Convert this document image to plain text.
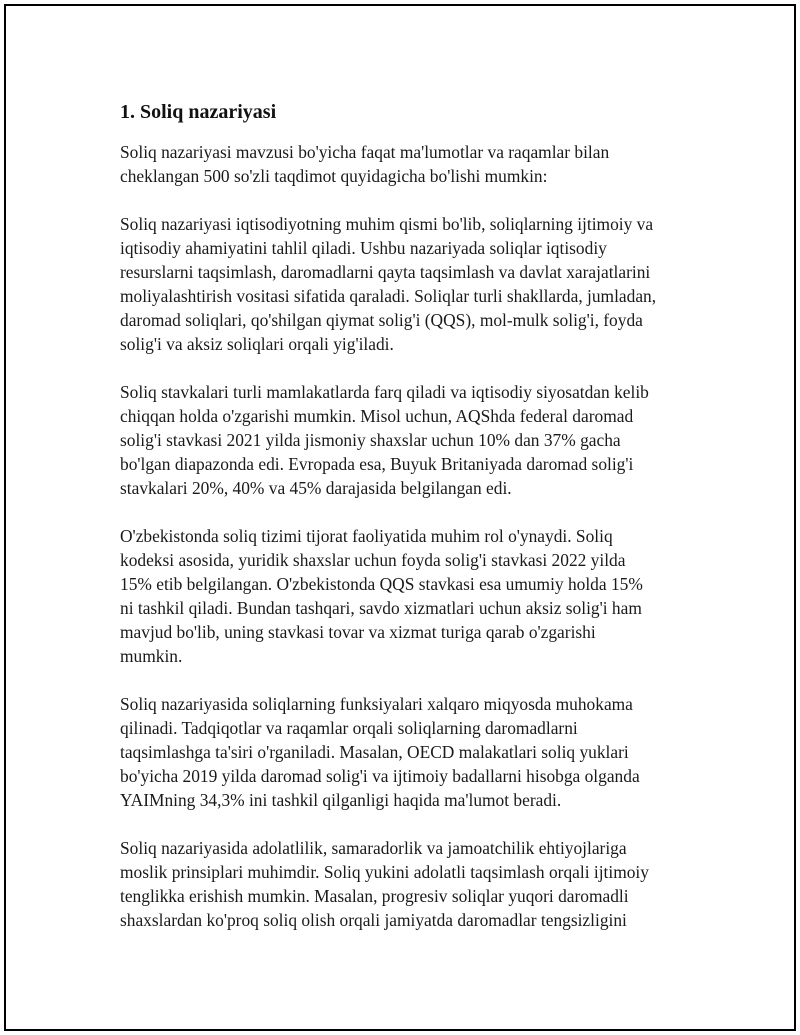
1. Soliq nazariyasi

Soliq nazariyasi mavzusi bo'yicha faqat ma'lumotlar va raqamlar bilan
cheklangan 500 so'zli taqdimot quyidagicha bo'lishi mumkin:

Soliq nazariyasi iqtisodiyotning muhim qismi bo'lib, soliqlarning ijtimoiy va
iqtisodiy ahamiyatini tahlil qiladi. Ushbu nazariyada soliqlar iqtisodiy
resurslarni taqsimlash, daromadlarni qayta taqsimlash va davlat xarajatlarini
moliyalashtirish vositasi sifatida qaraladi. Soliqlar turli shakllarda, jumladan,
daromad soliqlari, qo'shilgan qiymat solig'i (QQS), mol-mulk solig'i, foyda
solig'i va aksiz soliqlari orqali yig'iladi.

Soliq stavkalari turli mamlakatlarda farq qiladi va iqtisodiy siyosatdan kelib
chiqqan holda o'zgarishi mumkin. Misol uchun, AQShda federal daromad
solig'i stavkasi 2021 yilda jismoniy shaxslar uchun 10% dan 37% gacha
bo'lgan diapazonda edi. Evropada esa, Buyuk Britaniyada daromad solig'i
stavkalari 20%, 40% va 45% darajasida belgilangan edi.

O'zbekistonda soliq tizimi tijorat faoliyatida muhim rol o'ynaydi. Soliq
kodeksi asosida, yuridik shaxslar uchun foyda solig'i stavkasi 2022 yilda
15% etib belgilangan. O'zbekistonda QQS stavkasi esa umumiy holda 15%
ni tashkil qiladi. Bundan tashqari, savdo xizmatlari uchun aksiz solig'i ham
mavjud bo'lib, uning stavkasi tovar va xizmat turiga qarab o'zgarishi
mumkin.

Soliq nazariyasida soliqlarning funksiyalari xalqaro miqyosda muhokama
qilinadi. Tadqiqotlar va raqamlar orqali soliqlarning daromadlarni
taqsimlashga ta'siri o'rganiladi. Masalan, OECD malakatlari soliq yuklari
bo'yicha 2019 yilda daromad solig'i va ijtimoiy badallarni hisobga olganda
YAIMning 34,3% ini tashkil qilganligi haqida ma'lumot beradi.

Soliq nazariyasida adolatlilik, samaradorlik va jamoatchilik ehtiyojlariga
moslik prinsiplari muhimdir. Soliq yukini adolatli taqsimlash orqali ijtimoiy
tenglikka erishish mumkin. Masalan, progresiv soliqlar yuqori daromadli
shaxslardan ko'proq soliq olish orqali jamiyatda daromadlar tengsizligini
